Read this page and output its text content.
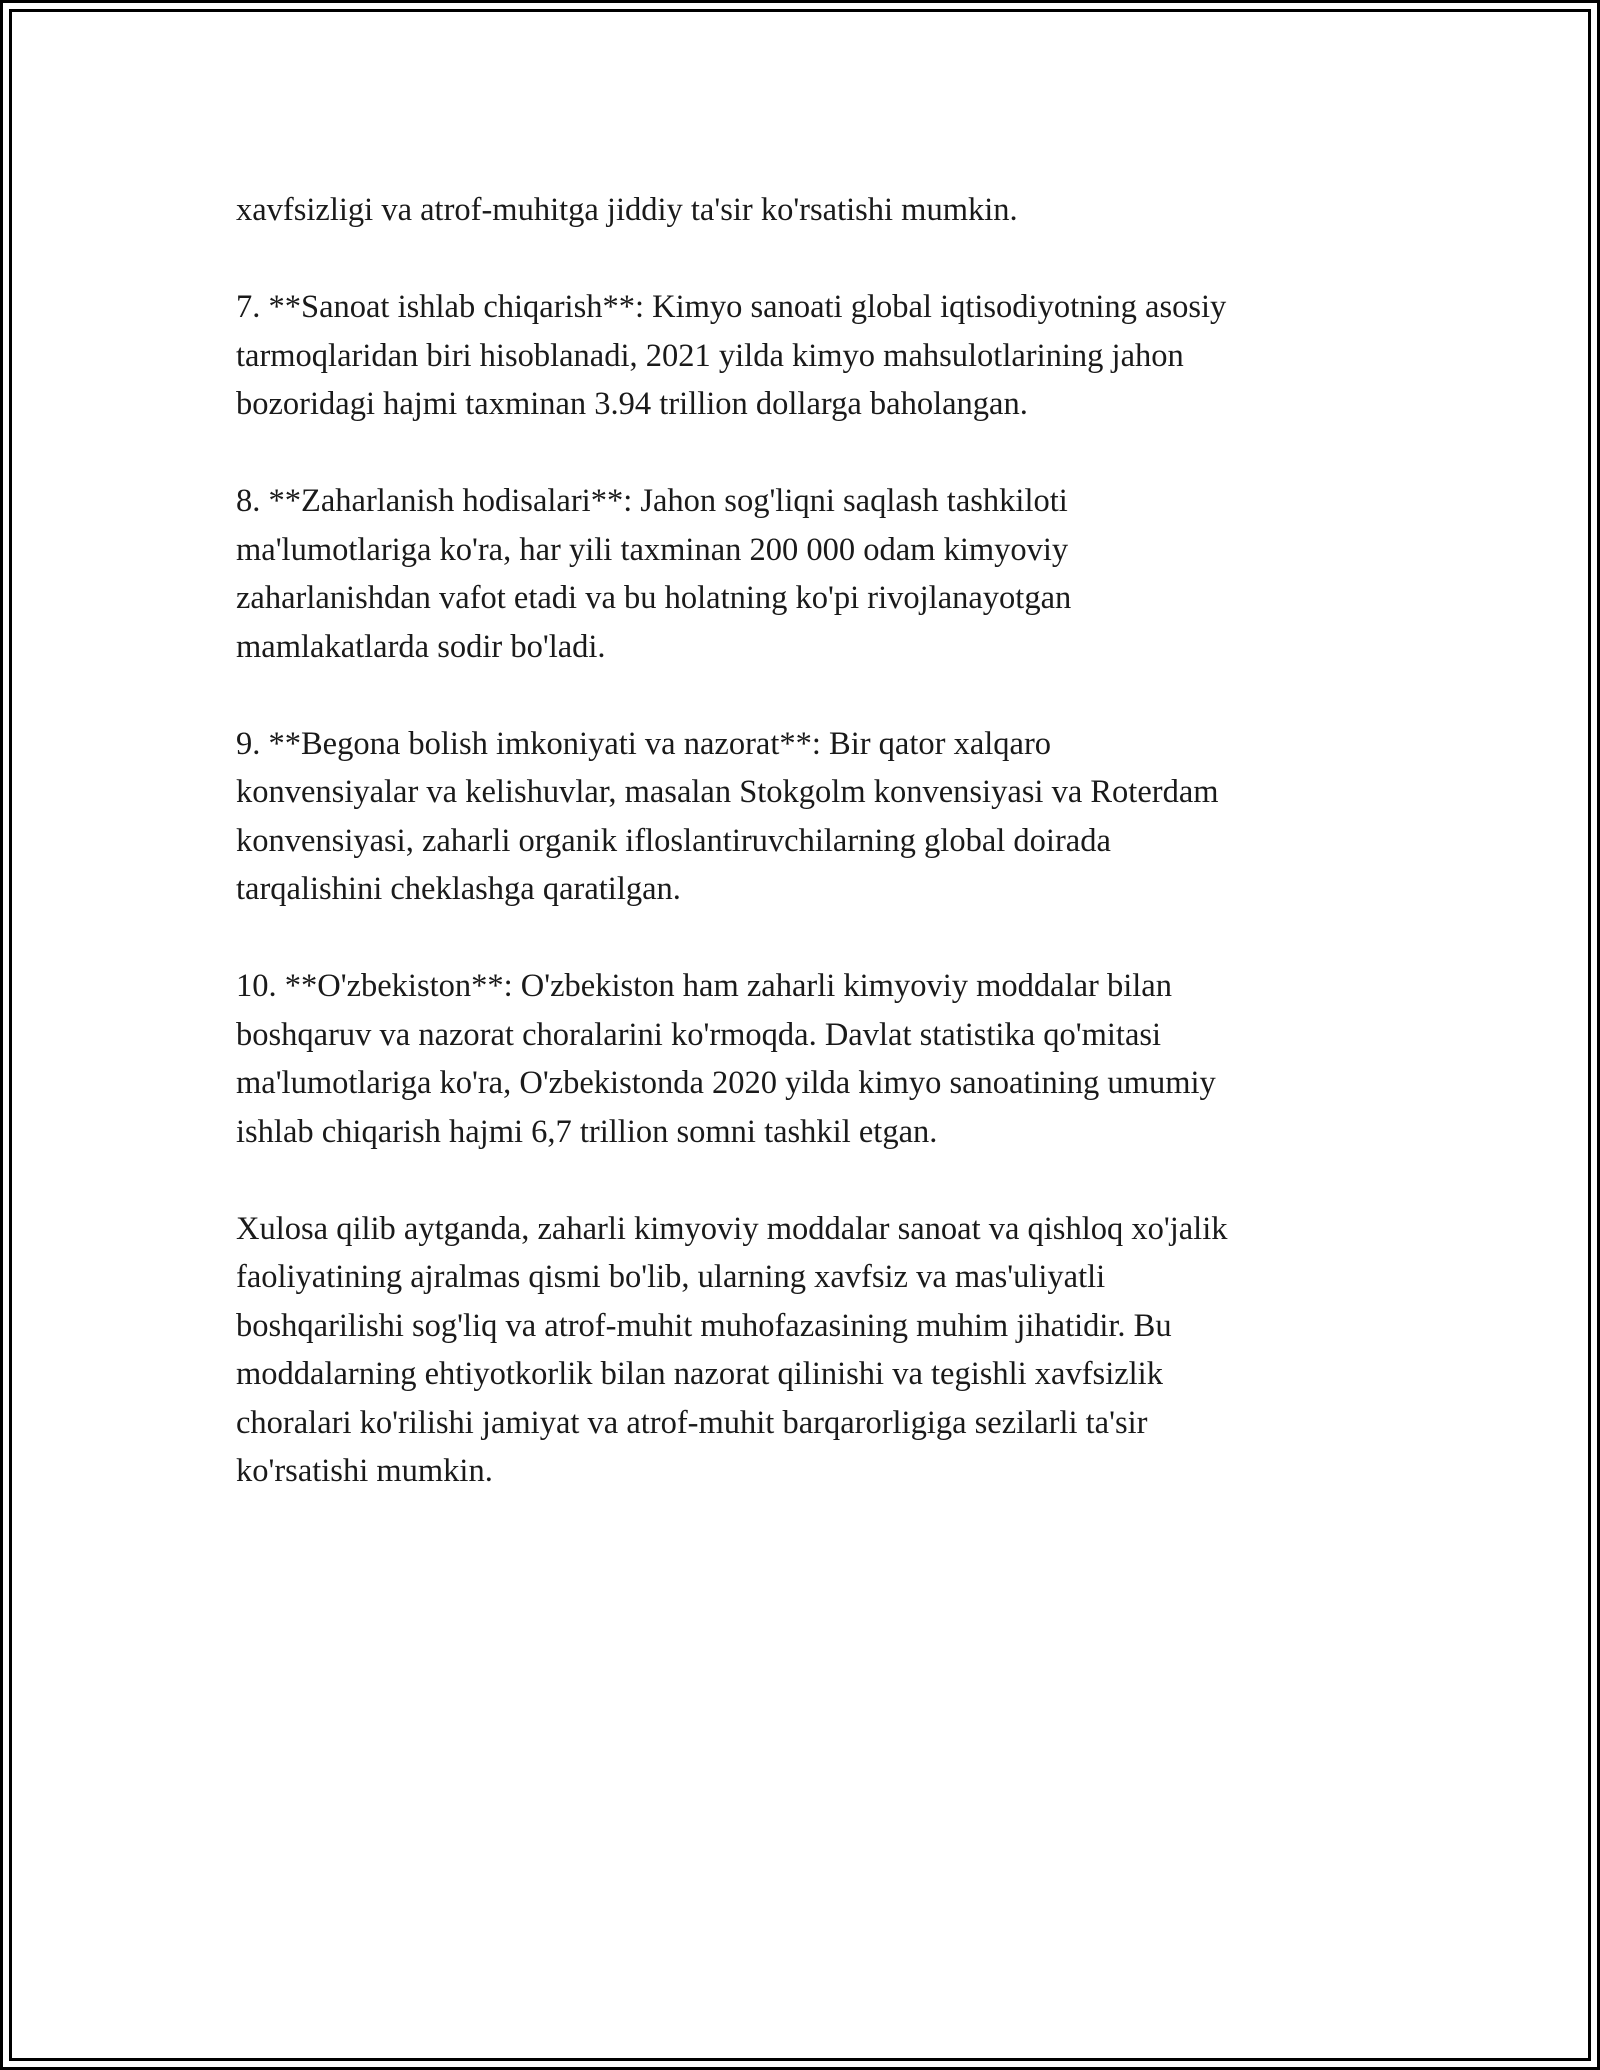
xavfsizligi va atrof-muhitga jiddiy ta'sir ko'rsatishi mumkin.

7. **Sanoat ishlab chiqarish**: Kimyo sanoati global iqtisodiyotning asosiy
tarmoqlaridan biri hisoblanadi, 2021 yilda kimyo mahsulotlarining jahon
bozoridagi hajmi taxminan 3.94 trillion dollarga baholangan.

8. **Zaharlanish hodisalari**: Jahon sog'liqni saqlash tashkiloti
ma'lumotlariga ko'ra, har yili taxminan 200 000 odam kimyoviy
zaharlanishdan vafot etadi va bu holatning ko'pi rivojlanayotgan
mamlakatlarda sodir bo'ladi.

9. **Begona bolish imkoniyati va nazorat**: Bir qator xalqaro
konvensiyalar va kelishuvlar, masalan Stokgolm konvensiyasi va Roterdam
konvensiyasi, zaharli organik ifloslantiruvchilarning global doirada
tarqalishini cheklashga qaratilgan.

10. **O'zbekiston**: O'zbekiston ham zaharli kimyoviy moddalar bilan
boshqaruv va nazorat choralarini ko'rmoqda. Davlat statistika qo'mitasi
ma'lumotlariga ko'ra, O'zbekistonda 2020 yilda kimyo sanoatining umumiy
ishlab chiqarish hajmi 6,7 trillion somni tashkil etgan.

Xulosa qilib aytganda, zaharli kimyoviy moddalar sanoat va qishloq xo'jalik
faoliyatining ajralmas qismi bo'lib, ularning xavfsiz va mas'uliyatli
boshqarilishi sog'liq va atrof-muhit muhofazasining muhim jihatidir. Bu
moddalarning ehtiyotkorlik bilan nazorat qilinishi va tegishli xavfsizlik
choralari ko'rilishi jamiyat va atrof-muhit barqarorligiga sezilarli ta'sir
ko'rsatishi mumkin.
